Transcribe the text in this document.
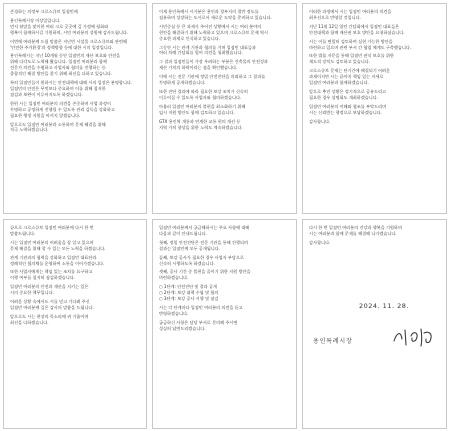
존경하는 의정부 크로스큐브 입점민께
용인특례시장 이상일입니다.
먼저 월말을 맞이한 여러 크로 곳곳에 깊 가정에 평화와
행복이 함께하시길 기원하며, 시민 여러분의 성원에 감사드립니다.
이번에 여러분께 드릴 말씀은 지난번 시설물 크로스큐브와 관련해
'안전한 주거환경'과 정책방향 등에 대한 시의 입장입니다.
용인특례시는 지난 10개월 동안 입점민의 재산 보호와 안전을
위해 다각도로 노력해 왔습니다. 입점민 여러분과 함께
전문가 의견을 수렴하고 사업자와 협의를 진행하는 등
종합적인 해결 방안을 찾기 위해 최선을 다하고 있습니다.
특히 입점민들이 원하시는 안전대책에 대해 시의 입장은 분명합니다.
입점민의 안전은 무엇보다 중요하며 이를 위해 철저한
점검과 보완이 이루어지도록 하겠습니다.
한편 시는 입점민 여러분의 의견을 존중하며 사업 과정이
투명하고 공정하게 진행될 수 있도록 관리 감독을 강화하고
필요한 행정 지원을 아끼지 않겠습니다.
앞으로도 입점민 여러분과 소통하며 문제 해결을 위해
적극 노력하겠습니다.
이제 용인특례시 시가분은 용인과 경부지의 절반 정도를
점유하며 성장하는 도시로서 새로운 도약을 준비하고 있습니다.
시민중심 등 큰 과제가 주어진 상황에서 시는 여러 분야의
현안을 해결하기 위해 노력하고 있으며 크로스큐브 문제 역시
중요한 과제로 인식하고 있습니다.
그동안 시는 관계 기관과 협의를 거쳐 입점민 대표들과
여러 차례 간담회를 열어 의견을 청취했습니다.
그 결과 입점민들이 가장 우려하는 부분은 건축물의 안전성과
재산 가치의 하락이라는 점을 확인했습니다.
이에 시는 전문 기관에 정밀 안전진단을 의뢰하고 그 결과를
투명하게 공개하겠습니다.
또한 진단 결과에 따라 필요한 보강 조치가 신속히
이루어질 수 있도록 사업자와 협의하겠습니다.
아울러 입점민 여러분의 불편을 최소화하기 위해
임시 지원 방안도 함께 검토하고 있습니다.
GTX 용인역 개통과 연계한 교통 편의 개선 등
지역 가치 향상을 위한 노력도 계속하겠습니다.
이러한 과정에서 시는 입점민 여러분의 의견을
최우선으로 반영할 것입니다.
지난 11월 12일 열린 간담회에서 입점민 대표들은
안전대책과 함께 재산권 보호 방안을 요청하셨습니다.
시는 이를 면밀히 검토하여 실현 가능한 방안을
마련하고 있으며 관련 부서 간 협업 체계도 구축했습니다.
또한 법률 자문을 통해 입점민 권익 보호를 위한
제도적 장치도 검토하고 있습니다.
크로스큐브 문제는 단기간에 해결되기 어려운
과제이지만 시는 끝까지 책임 있는 자세로
입점민 여러분과 함께하겠습니다.
앞으로 추진 상황은 정기적으로 공유드리고
필요한 경우 설명회도 개최하겠습니다.
입점민 여러분의 이해와 협조를 부탁드리며
시는 신뢰받는 행정으로 보답하겠습니다.
감사합니다.
끝으로 크로스큐브 입점민 여러분께 다시 한 번
말씀드립니다.
시는 입점민 여러분의 어려움을 잘 알고 있으며
문제 해결을 위해 할 수 있는 모든 노력을 하겠습니다.
관계 기관과의 협력을 강화하고 입점민 대표단과
정례적인 협의체를 운영하여 소통을 이어가겠습니다.
또한 사업자에게는 책임 있는 조치를 요구하고
이행 여부를 철저히 점검하겠습니다.
입점민 여러분의 안전과 재산을 지키는 일은
시의 중요한 책무입니다.
어려운 상황 속에서도 시를 믿고 기다려 주신
입점민 여러분께 깊은 감사의 말씀을 드립니다.
앞으로도 시는 현장의 목소리에 귀 기울이며
최선을 다하겠습니다.
입점민 여러분께서 궁금해하시는 주요 사항에 대해
다음과 같이 안내드립니다.
첫째, 정밀 안전진단은 전문 기관을 통해 진행되며
결과는 입점민께 모두 공개됩니다.
둘째, 보강 공사가 필요한 경우 사업자 부담으로
신속히 시행하도록 하겠습니다.
셋째, 공사 기간 중 불편을 줄이기 위한 지원 방안을
마련하겠습니다.
○ 1단계: 안전진단 및 결과 공개
○ 2단계: 보강 대책 수립 및 협의
○ 3단계: 보강 공사 시행 및 점검
시는 각 단계마다 입점민 여러분의 의견을 듣고
반영하겠습니다.
궁금하신 사항은 담당 부서로 문의해 주시면
성실히 답변드리겠습니다.
다시 한 번 입점민 여러분의 건강과 행복을 기원하며
시는 여러분과 함께 문제를 해결해 나가겠습니다.
감사합니다.
2024. 11. 28.
용인특례시장
